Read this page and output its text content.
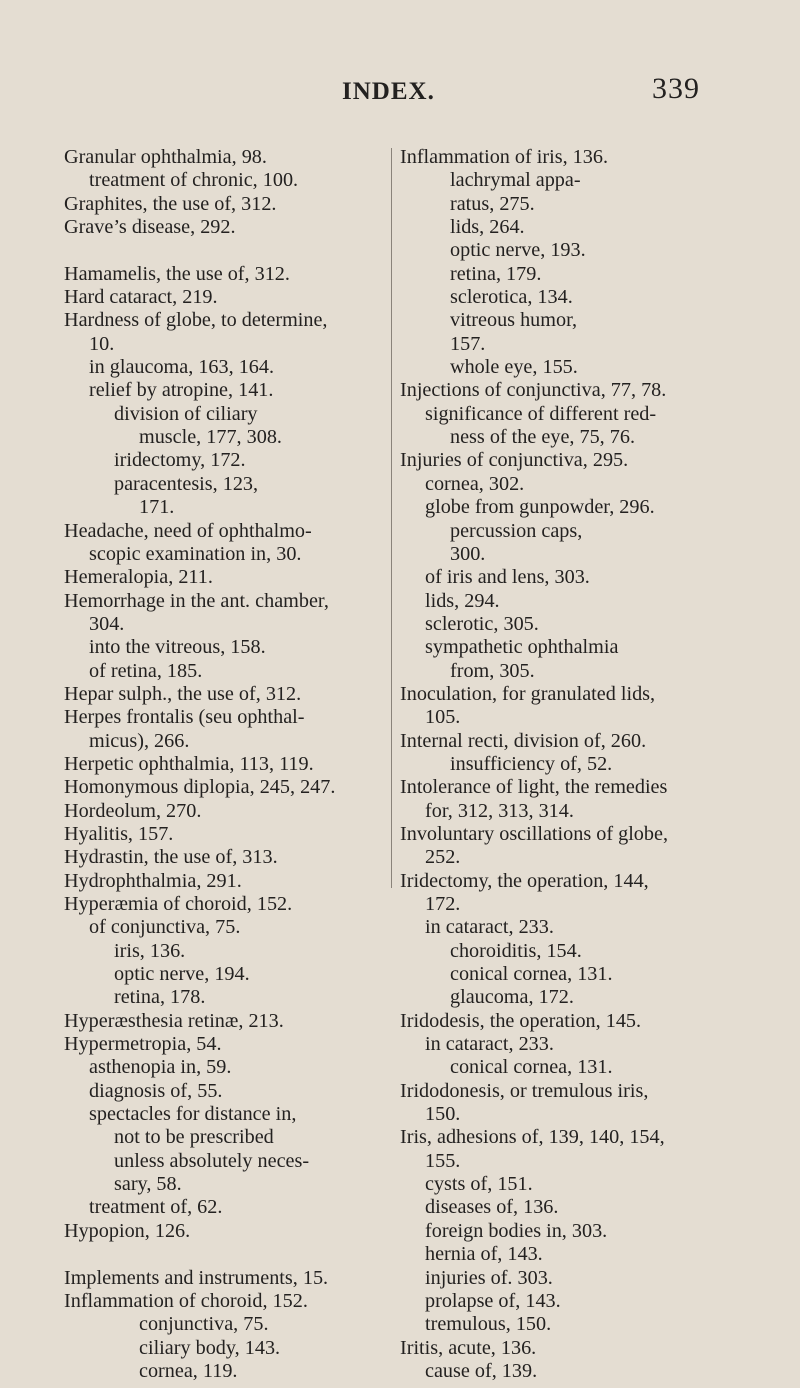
INDEX.	339
Granular ophthalmia, 98.
treatment of chronic, 100.
Graphites, the use of, 312.
Grave’s disease, 292.
Hamamelis, the use of, 312.
Hard cataract, 219.
Hardness of globe, to determine,
10.
in glaucoma, 163, 164.
relief by atropine, 141.
division of ciliary
muscle, 177, 308.
iridectomy, 172.
paracentesis, 123,
171.
Headache, need of ophthalmo-
scopic examination in, 30.
Hemeralopia, 211.
Hemorrhage in the ant. chamber,
304.
into the vitreous, 158.
of retina, 185.
Hepar sulph., the use of, 312.
Herpes frontalis (seu ophthal-
micus), 266.
Herpetic ophthalmia, 113, 119.
Homonymous diplopia, 245, 247.
Hordeolum, 270.
Hyalitis, 157.
Hydrastin, the use of, 313.
Hydrophthalmia, 291.
Hyperæmia of choroid, 152.
of conjunctiva, 75.
iris, 136.
optic nerve, 194.
retina, 178.
Hyperæsthesia retinæ, 213.
Hypermetropia, 54.
asthenopia in, 59.
diagnosis of, 55.
spectacles for distance in,
not to be prescribed
unless absolutely neces-
sary, 58.
treatment of, 62.
Hypopion, 126.
Implements and instruments, 15.
Inflammation of choroid, 152.
conjunctiva, 75.
ciliary body, 143.
cornea, 119.
Inflammation of iris, 136.
lachrymal appa-
ratus, 275.
lids, 264.
optic nerve, 193.
retina, 179.
sclerotica, 134.
vitreous humor,
157.
whole eye, 155.
Injections of conjunctiva, 77, 78.
significance of different red-
ness of the eye, 75, 76.
Injuries of conjunctiva, 295.
cornea, 302.
globe from gunpowder, 296.
percussion caps,
300.
of iris and lens, 303.
lids, 294.
sclerotic, 305.
sympathetic ophthalmia
from, 305.
Inoculation, for granulated lids,
105.
Internal recti, division of, 260.
insufficiency of, 52.
Intolerance of light, the remedies
for, 312, 313, 314.
Involuntary oscillations of globe,
252.
Iridectomy, the operation, 144,
172.
in cataract, 233.
choroiditis, 154.
conical cornea, 131.
glaucoma, 172.
Iridodesis, the operation, 145.
in cataract, 233.
conical cornea, 131.
Iridodonesis, or tremulous iris,
150.
Iris, adhesions of, 139, 140, 154,
155.
cysts of, 151.
diseases of, 136.
foreign bodies in, 303.
hernia of, 143.
injuries of. 303.
prolapse of, 143.
tremulous, 150.
Iritis, acute, 136.
cause of, 139.
